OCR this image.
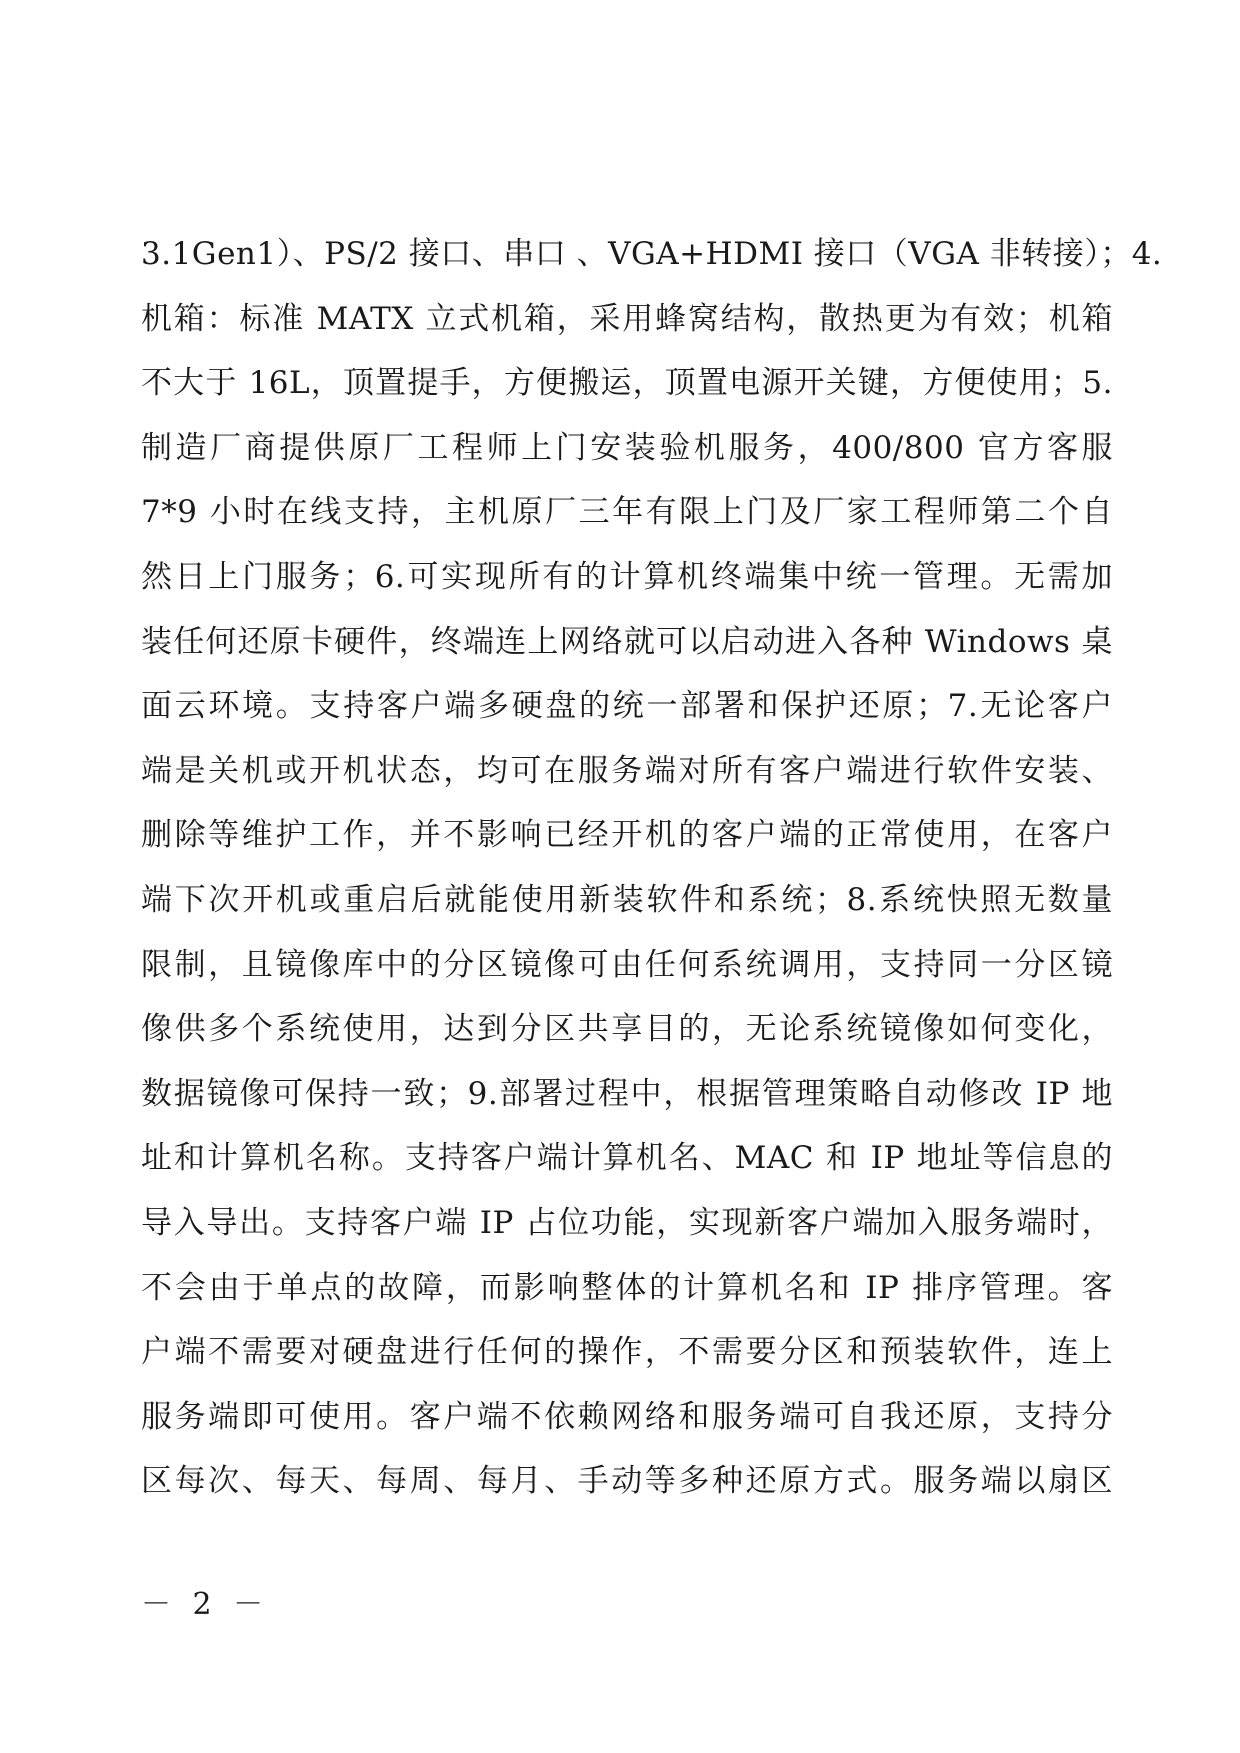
3.1Gen1）、PS/2 接口、串口 、VGA+HDMI 接口（VGA 非转接）；4.
机箱：标准 MATX 立式机箱，采用蜂窝结构，散热更为有效；机箱
不大于 16L，顶置提手，方便搬运，顶置电源开关键，方便使用；5.
制造厂商提供原厂工程师上门安装验机服务，400/800 官方客服
7*9 小时在线支持，主机原厂三年有限上门及厂家工程师第二个自
然日上门服务；6.可实现所有的计算机终端集中统一管理。无需加
装任何还原卡硬件，终端连上网络就可以启动进入各种 Windows 桌
面云环境。支持客户端多硬盘的统一部署和保护还原；7.无论客户
端是关机或开机状态，均可在服务端对所有客户端进行软件安装、
删除等维护工作，并不影响已经开机的客户端的正常使用，在客户
端下次开机或重启后就能使用新装软件和系统；8.系统快照无数量
限制，且镜像库中的分区镜像可由任何系统调用，支持同一分区镜
像供多个系统使用，达到分区共享目的，无论系统镜像如何变化，
数据镜像可保持一致；9.部署过程中，根据管理策略自动修改 IP 地
址和计算机名称。支持客户端计算机名、MAC 和 IP 地址等信息的
导入导出。支持客户端 IP 占位功能，实现新客户端加入服务端时，
不会由于单点的故障，而影响整体的计算机名和 IP 排序管理。客
户端不需要对硬盘进行任何的操作，不需要分区和预装软件，连上
服务端即可使用。客户端不依赖网络和服务端可自我还原，支持分
区每次、每天、每周、每月、手动等多种还原方式。服务端以扇区
－ 2 －
